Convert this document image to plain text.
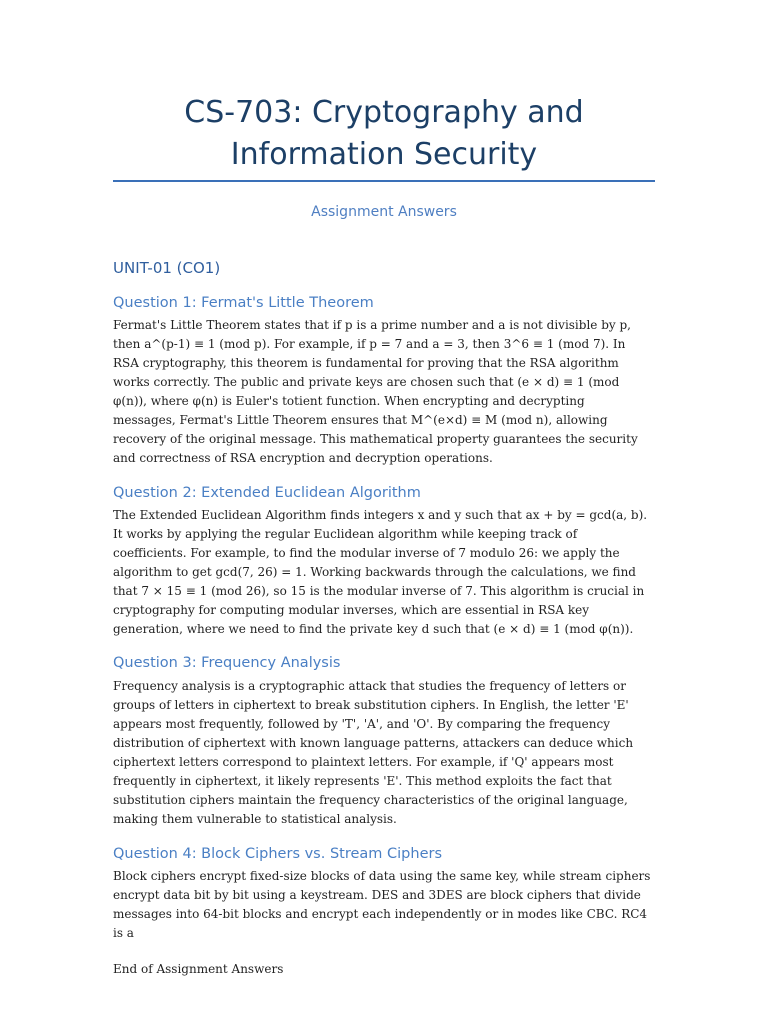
CS-703: Cryptography and Information Security

Assignment Answers

UNIT-01 (CO1)
Question 1: Fermat's Little Theorem

Fermat's Little Theorem states that if p is a prime number and a is not divisible by p, then a^(p-1) ≡ 1 (mod p). For example, if p = 7 and a = 3, then 3^6 ≡ 1 (mod 7). In RSA cryptography, this theorem is fundamental for proving that the RSA algorithm works correctly. The public and private keys are chosen such that (e × d) ≡ 1 (mod φ(n)), where φ(n) is Euler's totient function. When encrypting and decrypting messages, Fermat's Little Theorem ensures that M^(e×d) ≡ M (mod n), allowing recovery of the original message. This mathematical property guarantees the security and correctness of RSA encryption and decryption operations.

Question 2: Extended Euclidean Algorithm

The Extended Euclidean Algorithm finds integers x and y such that ax + by = gcd(a, b). It works by applying the regular Euclidean algorithm while keeping track of coefficients. For example, to find the modular inverse of 7 modulo 26: we apply the algorithm to get gcd(7, 26) = 1. Working backwards through the calculations, we find that 7 × 15 ≡ 1 (mod 26), so 15 is the modular inverse of 7. This algorithm is crucial in cryptography for computing modular inverses, which are essential in RSA key generation, where we need to find the private key d such that (e × d) ≡ 1 (mod φ(n)).

Question 3: Frequency Analysis

Frequency analysis is a cryptographic attack that studies the frequency of letters or groups of letters in ciphertext to break substitution ciphers. In English, the letter 'E' appears most frequently, followed by 'T', 'A', and 'O'. By comparing the frequency distribution of ciphertext with known language patterns, attackers can deduce which ciphertext letters correspond to plaintext letters. For example, if 'Q' appears most frequently in ciphertext, it likely represents 'E'. This method exploits the fact that substitution ciphers maintain the frequency characteristics of the original language, making them vulnerable to statistical analysis.

Question 4: Block Ciphers vs. Stream Ciphers

Block ciphers encrypt fixed-size blocks of data using the same key, while stream ciphers encrypt data bit by bit using a keystream. DES and 3DES are block ciphers that divide messages into 64-bit blocks and encrypt each independently or in modes like CBC. RC4 is a

End of Assignment Answers
